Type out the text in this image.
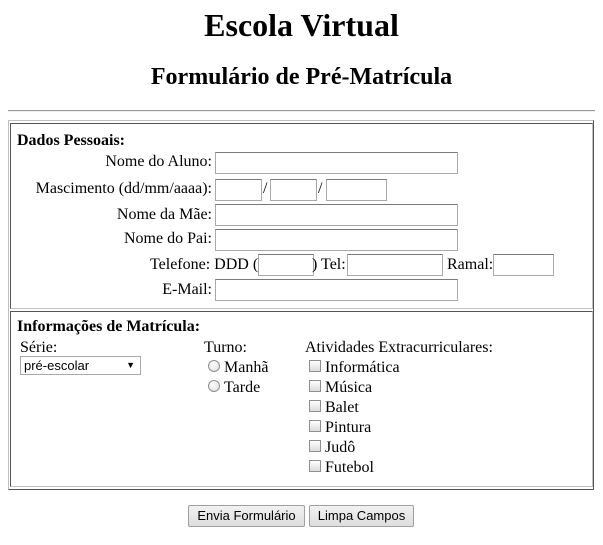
Escola Virtual
Formulário de Pré-Matrícula
Dados Pessoais:
Nome do Aluno:
Mascimento (dd/mm/aaaa):	/	/
Nome da Mãe:
Nome do Pai:
Telefone: DDD (	) Tel:	Ramal:
E-Mail:
Informações de Matrícula:
Série:
pré-escolar	▼
Turno:
Manhã
Tarde
Atividades Extracurriculares:
Informática
Música
Balet
Pintura
Judô
Futebol
Envia Formulário	Limpa Campos
